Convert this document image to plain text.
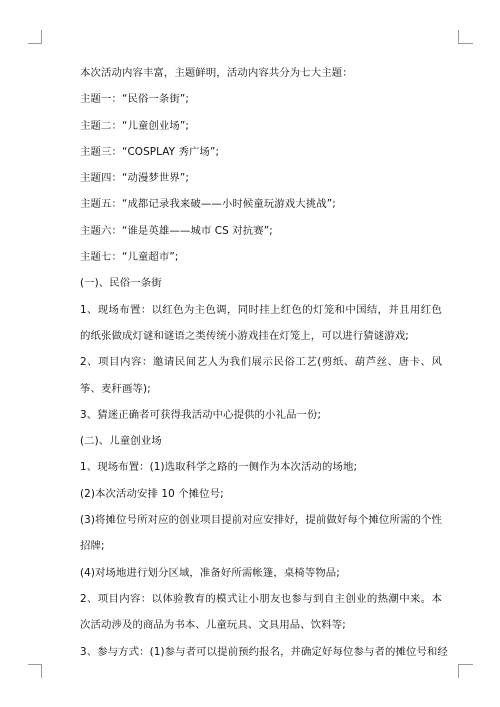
本次活动内容丰富，主题鲜明，活动内容共分为七大主题：

主题一：“民俗一条街”;

主题二：“儿童创业场”;

主题三：“COSPLAY 秀广场”;

主题四：“动漫梦世界”;

主题五：“成都记录我来破——小时候童玩游戏大挑战”;

主题六：“谁是英雄——城市 CS 对抗赛”;

主题七：“儿童超市”;

(一)、民俗一条街

1、现场布置：以红色为主色调，同时挂上红色的灯笼和中国结，并且用红色的纸张做成灯谜和谜语之类传统小游戏挂在灯笼上，可以进行猜谜游戏;

2、项目内容：邀请民间艺人为我们展示民俗工艺(剪纸、葫芦丝、唐卡、风筝、麦秆画等);

3、猜迷正确者可获得我活动中心提供的小礼品一份;

(二)、儿童创业场

1、现场布置：(1)选取科学之路的一侧作为本次活动的场地;

(2)本次活动安排 10 个摊位号;

(3)将摊位号所对应的创业项目提前对应安排好，提前做好每个摊位所需的个性招牌;

(4)对场地进行划分区域，准备好所需帐篷，桌椅等物品;

2、项目内容：以体验教育的模式让小朋友也参与到自主创业的热潮中来。本次活动涉及的商品为书本、儿童玩具、文具用品、饮料等;

3、参与方式：(1)参与者可以提前预约报名，并确定好每位参与者的摊位号和经
